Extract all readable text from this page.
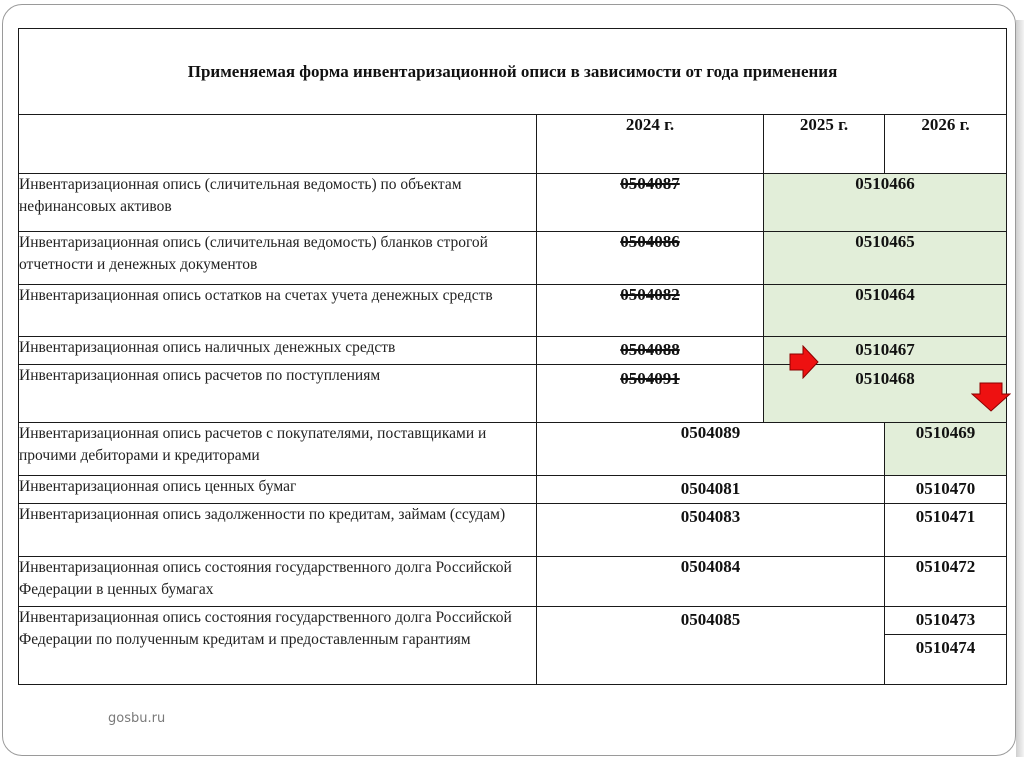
Применяемая форма инвентаризационной описи в зависимости от года применения			
	2024 г.	2025 г.	2026 г.
Инвентаризационная опись (сличительная ведомость) по объектам нефинансовых активов	0504087	0510466	
Инвентаризационная опись (сличительная ведомость) бланков строгой отчетности и денежных документов	0504086	0510465	
Инвентаризационная опись остатков на счетах учета денежных средств	0504082	0510464	
Инвентаризационная опись наличных денежных средств	0504088	0510467	
Инвентаризационная опись расчетов по поступлениям	0504091	0510468	
Инвентаризационная опись расчетов с покупателями, поставщиками и прочими дебиторами и кредиторами	0504089		0510469
Инвентаризационная опись ценных бумаг	0504081		0510470
Инвентаризационная опись задолженности по кредитам, займам (ссудам)	0504083		0510471
Инвентаризационная опись состояния государственного долга Российской Федерации в ценных бумагах	0504084		0510472
Инвентаризационная опись состояния государственного долга Российской Федерации по полученным кредитам и предоставленным гарантиям	0504085		0510473
			0510474
gosbu.ru
